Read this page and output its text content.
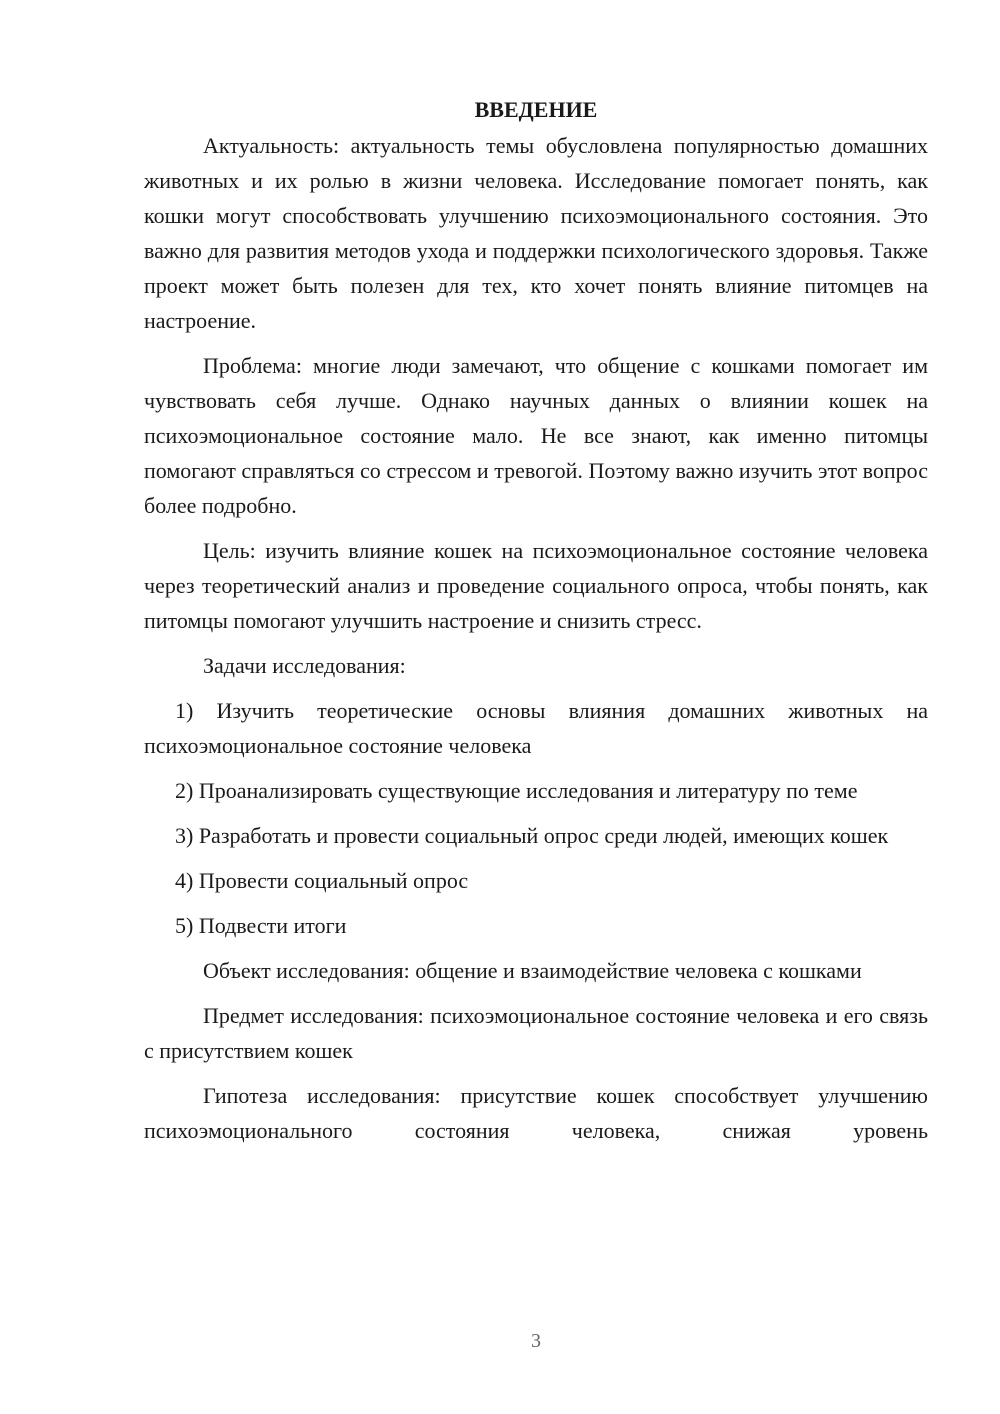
ВВЕДЕНИЕ

Актуальность: актуальность темы обусловлена популярностью домашних животных и их ролью в жизни человека. Исследование помогает понять, как кошки могут способствовать улучшению психоэмоционального состояния. Это важно для развития методов ухода и поддержки психологического здоровья. Также проект может быть полезен для тех, кто хочет понять влияние питомцев на настроение.

Проблема: многие люди замечают, что общение с кошками помогает им чувствовать себя лучше. Однако научных данных о влиянии кошек на психоэмоциональное состояние мало. Не все знают, как именно питомцы помогают справляться со стрессом и тревогой. Поэтому важно изучить этот вопрос более подробно.

Цель: изучить влияние кошек на психоэмоциональное состояние человека через теоретический анализ и проведение социального опроса, чтобы понять, как питомцы помогают улучшить настроение и снизить стресс.

Задачи исследования:

1) Изучить теоретические основы влияния домашних животных на психоэмоциональное состояние человека

2) Проанализировать существующие исследования и литературу по теме

3) Разработать и провести социальный опрос среди людей, имеющих кошек

4) Провести социальный опрос

5) Подвести итоги

Объект исследования: общение и взаимодействие человека с кошками

Предмет исследования: психоэмоциональное состояние человека и его связь с присутствием кошек

Гипотеза исследования: присутствие кошек способствует улучшению психоэмоционального состояния человека, снижая уровень

3
